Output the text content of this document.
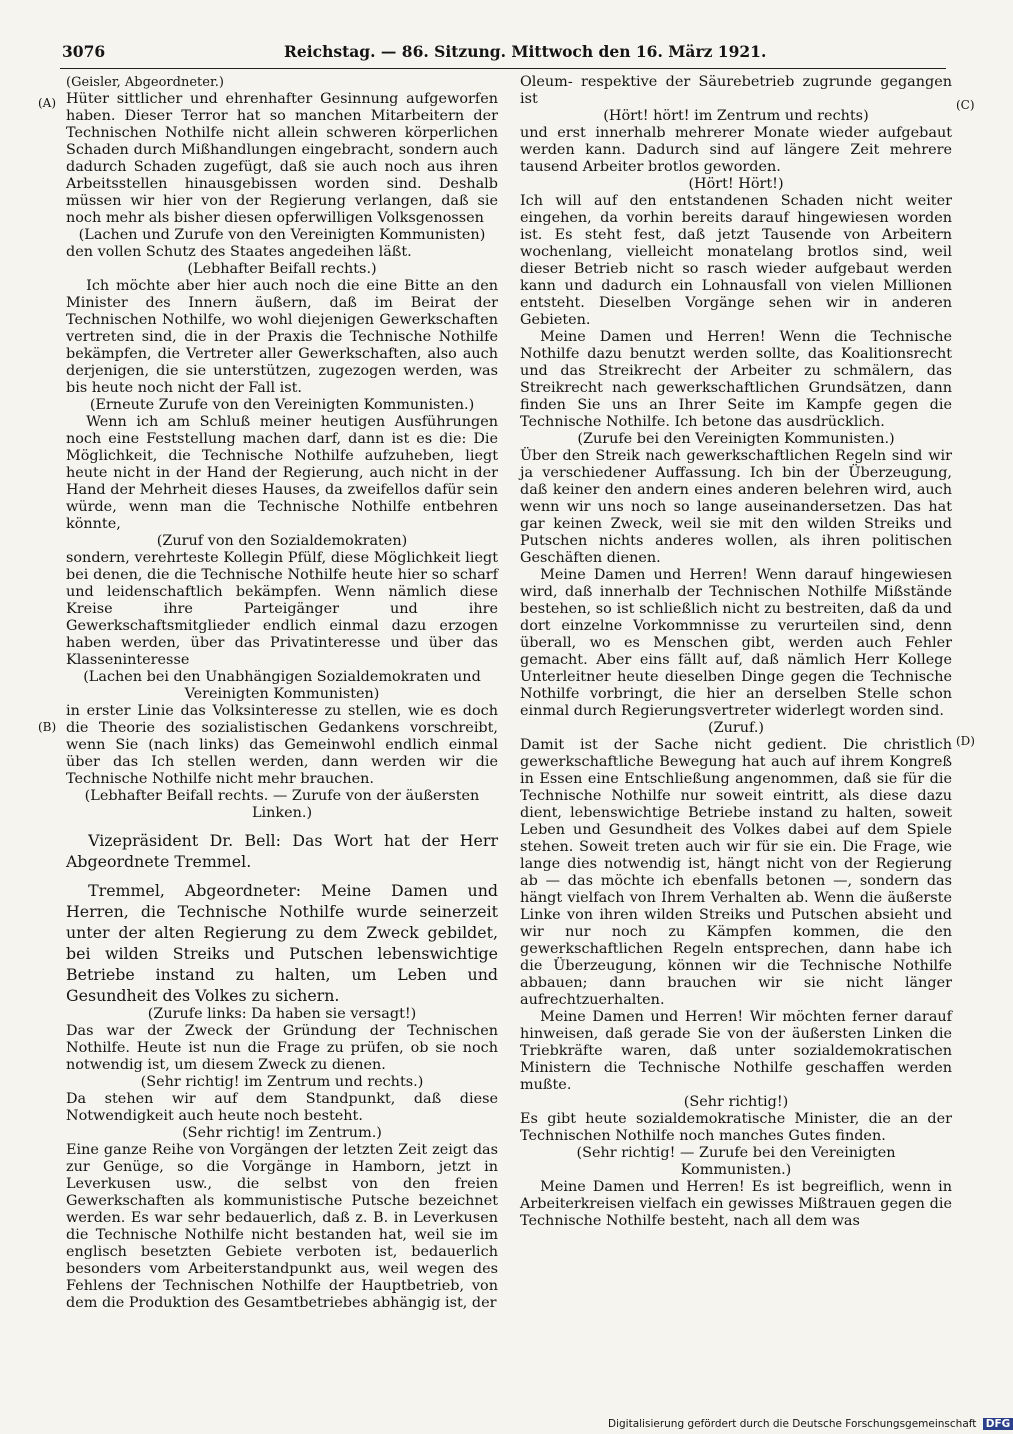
3076	Reichstag. — 86. Sitzung. Mittwoch den 16. März 1921.
(A)
(B)
(C)
(D)

(Geisler, Abgeordneter.)

Hüter sittlicher und ehrenhafter Gesinnung aufgeworfen haben. Dieser Terror hat so manchen Mitarbeitern der Technischen Nothilfe nicht allein schweren körperlichen Schaden durch Mißhandlungen eingebracht, sondern auch dadurch Schaden zugefügt, daß sie auch noch aus ihren Arbeitsstellen hinausgebissen worden sind. Deshalb müssen wir hier von der Regierung verlangen, daß sie noch mehr als bisher diesen opferwilligen Volksgenossen

(Lachen und Zurufe von den Vereinigten Kommunisten)

den vollen Schutz des Staates angedeihen läßt.

(Lebhafter Beifall rechts.)

Ich möchte aber hier auch noch die eine Bitte an den Minister des Innern äußern, daß im Beirat der Technischen Nothilfe, wo wohl diejenigen Gewerkschaften vertreten sind, die in der Praxis die Technische Nothilfe bekämpfen, die Vertreter aller Gewerkschaften, also auch derjenigen, die sie unterstützen, zugezogen werden, was bis heute noch nicht der Fall ist.

(Erneute Zurufe von den Vereinigten Kommunisten.)

Wenn ich am Schluß meiner heutigen Ausführungen noch eine Feststellung machen darf, dann ist es die: Die Möglichkeit, die Technische Nothilfe aufzuheben, liegt heute nicht in der Hand der Regierung, auch nicht in der Hand der Mehrheit dieses Hauses, da zweifellos dafür sein würde, wenn man die Technische Nothilfe entbehren könnte,

(Zuruf von den Sozialdemokraten)

sondern, verehrteste Kollegin Pfülf, diese Möglichkeit liegt bei denen, die die Technische Nothilfe heute hier so scharf und leidenschaftlich bekämpfen. Wenn nämlich diese Kreise ihre Parteigänger und ihre Gewerkschaftsmitglieder endlich einmal dazu erzogen haben werden, über das Privatinteresse und über das Klasseninteresse

(Lachen bei den Unabhängigen Sozialdemokraten und Vereinigten Kommunisten)

in erster Linie das Volksinteresse zu stellen, wie es doch die Theorie des sozialistischen Gedankens vorschreibt, wenn Sie (nach links) das Gemeinwohl endlich einmal über das Ich stellen werden, dann werden wir die Technische Nothilfe nicht mehr brauchen.

(Lebhafter Beifall rechts. — Zurufe von der äußersten Linken.)

Vizepräsident Dr. Bell: Das Wort hat der Herr Abgeordnete Tremmel.

Tremmel, Abgeordneter: Meine Damen und Herren, die Technische Nothilfe wurde seinerzeit unter der alten Regierung zu dem Zweck gebildet, bei wilden Streiks und Putschen lebenswichtige Betriebe instand zu halten, um Leben und Gesundheit des Volkes zu sichern.

(Zurufe links: Da haben sie versagt!)

Das war der Zweck der Gründung der Technischen Nothilfe. Heute ist nun die Frage zu prüfen, ob sie noch notwendig ist, um diesem Zweck zu dienen.

(Sehr richtig! im Zentrum und rechts.)

Da stehen wir auf dem Standpunkt, daß diese Notwendigkeit auch heute noch besteht.

(Sehr richtig! im Zentrum.)

Eine ganze Reihe von Vorgängen der letzten Zeit zeigt das zur Genüge, so die Vorgänge in Hamborn, jetzt in Leverkusen usw., die selbst von den freien Gewerkschaften als kommunistische Putsche bezeichnet werden. Es war sehr bedauerlich, daß z. B. in Leverkusen die Technische Nothilfe nicht bestanden hat, weil sie im englisch besetzten Gebiete verboten ist, bedauerlich besonders vom Arbeiterstandpunkt aus, weil wegen des Fehlens der Technischen Nothilfe der Hauptbetrieb, von dem die Produktion des Gesamtbetriebes abhängig ist, der

Oleum- respektive der Säurebetrieb zugrunde gegangen ist

(Hört! hört! im Zentrum und rechts)

und erst innerhalb mehrerer Monate wieder aufgebaut werden kann. Dadurch sind auf längere Zeit mehrere tausend Arbeiter brotlos geworden.

(Hört! Hört!)

Ich will auf den entstandenen Schaden nicht weiter eingehen, da vorhin bereits darauf hingewiesen worden ist. Es steht fest, daß jetzt Tausende von Arbeitern wochenlang, vielleicht monatelang brotlos sind, weil dieser Betrieb nicht so rasch wieder aufgebaut werden kann und dadurch ein Lohnausfall von vielen Millionen entsteht. Dieselben Vorgänge sehen wir in anderen Gebieten.

Meine Damen und Herren! Wenn die Technische Nothilfe dazu benutzt werden sollte, das Koalitionsrecht und das Streikrecht der Arbeiter zu schmälern, das Streikrecht nach gewerkschaftlichen Grundsätzen, dann finden Sie uns an Ihrer Seite im Kampfe gegen die Technische Nothilfe. Ich betone das ausdrücklich.

(Zurufe bei den Vereinigten Kommunisten.)

Über den Streik nach gewerkschaftlichen Regeln sind wir ja verschiedener Auffassung. Ich bin der Überzeugung, daß keiner den andern eines anderen belehren wird, auch wenn wir uns noch so lange auseinandersetzen. Das hat gar keinen Zweck, weil sie mit den wilden Streiks und Putschen nichts anderes wollen, als ihren politischen Geschäften dienen.

Meine Damen und Herren! Wenn darauf hingewiesen wird, daß innerhalb der Technischen Nothilfe Mißstände bestehen, so ist schließlich nicht zu bestreiten, daß da und dort einzelne Vorkommnisse zu verurteilen sind, denn überall, wo es Menschen gibt, werden auch Fehler gemacht. Aber eins fällt auf, daß nämlich Herr Kollege Unterleitner heute dieselben Dinge gegen die Technische Nothilfe vorbringt, die hier an derselben Stelle schon einmal durch Regierungsvertreter widerlegt worden sind.

(Zuruf.)

Damit ist der Sache nicht gedient. Die christlich gewerkschaftliche Bewegung hat auch auf ihrem Kongreß in Essen eine Entschließung angenommen, daß sie für die Technische Nothilfe nur soweit eintritt, als diese dazu dient, lebenswichtige Betriebe instand zu halten, soweit Leben und Gesundheit des Volkes dabei auf dem Spiele stehen. Soweit treten auch wir für sie ein. Die Frage, wie lange dies notwendig ist, hängt nicht von der Regierung ab — das möchte ich ebenfalls betonen —, sondern das hängt vielfach von Ihrem Verhalten ab. Wenn die äußerste Linke von ihren wilden Streiks und Putschen absieht und wir nur noch zu Kämpfen kommen, die den gewerkschaftlichen Regeln entsprechen, dann habe ich die Überzeugung, können wir die Technische Nothilfe abbauen; dann brauchen wir sie nicht länger aufrechtzuerhalten.

Meine Damen und Herren! Wir möchten ferner darauf hinweisen, daß gerade Sie von der äußersten Linken die Triebkräfte waren, daß unter sozialdemokratischen Ministern die Technische Nothilfe geschaffen werden mußte.

(Sehr richtig!)

Es gibt heute sozialdemokratische Minister, die an der Technischen Nothilfe noch manches Gutes finden.

(Sehr richtig! — Zurufe bei den Vereinigten Kommunisten.)

Meine Damen und Herren! Es ist begreiflich, wenn in Arbeiterkreisen vielfach ein gewisses Mißtrauen gegen die Technische Nothilfe besteht, nach all dem was

Digitalisierung gefördert durch die Deutsche Forschungsgemeinschaft DFG
